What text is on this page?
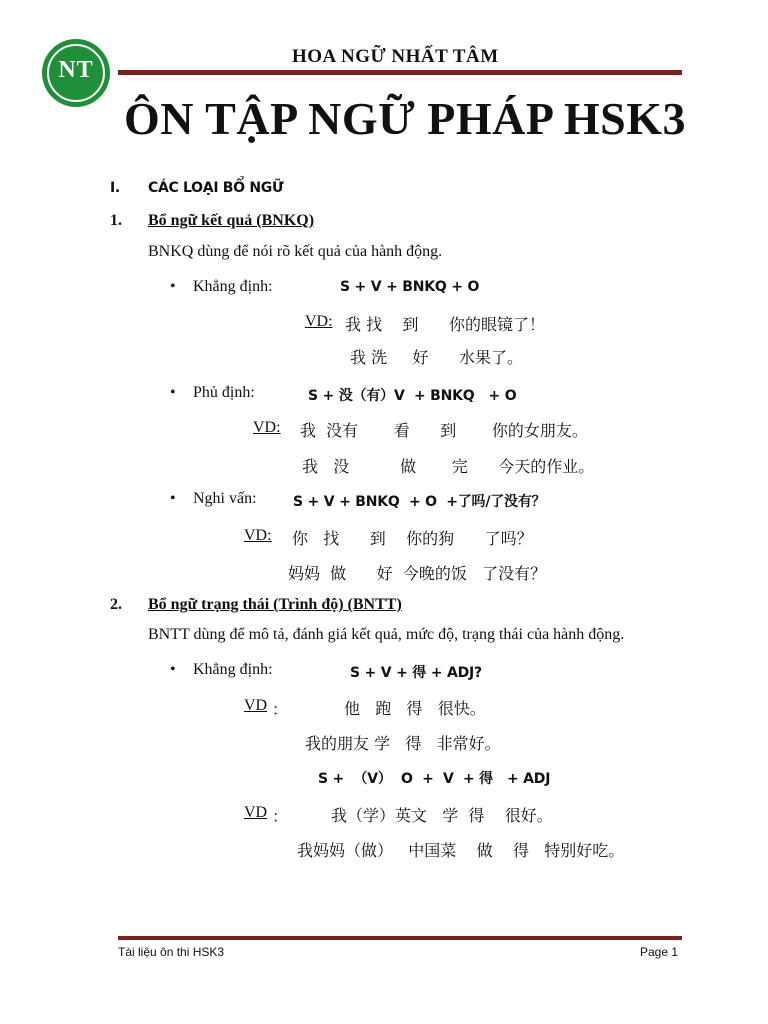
NT
HOA NGỮ NHẤT TÂM
ÔN TẬP NGỮ PHÁP HSK3
I. CÁC LOẠI BỔ NGỮ
1. Bổ ngữ kết quả (BNKQ)
BNKQ dùng để nói rõ kết quả của hành động.
• Khẳng định:	S + V + BNKQ + O
VD: 我 找    到      你的眼镜了！
我 洗     好      水果了。
• Phủ định:	S + 没（有）V  + BNKQ   + O
VD: 我  没有       看      到       你的女朋友。
我   没          做       完      今天的作业。
• Nghi vấn:	S + V + BNKQ  + O  +了吗/了没有？
VD: 你   找      到    你的狗      了吗？
妈妈  做      好  今晚的饭   了没有？
2. Bổ ngữ trạng thái (Trình độ) (BNTT)
BNTT dùng để mô tả, đánh giá kết quả, mức độ, trạng thái của hành động.
• Khẳng định:	S + V + 得 + ADJ?
VD ：	他   跑   得   很快。
我的朋友 学   得   非常好。
S +  （V）  O  +  V  + 得   + ADJ
VD ：	我（学）英文   学  得    很好。
我妈妈（做）   中国菜    做    得   特别好吃。
Tài liệu ôn thi HSK3	Page 1
